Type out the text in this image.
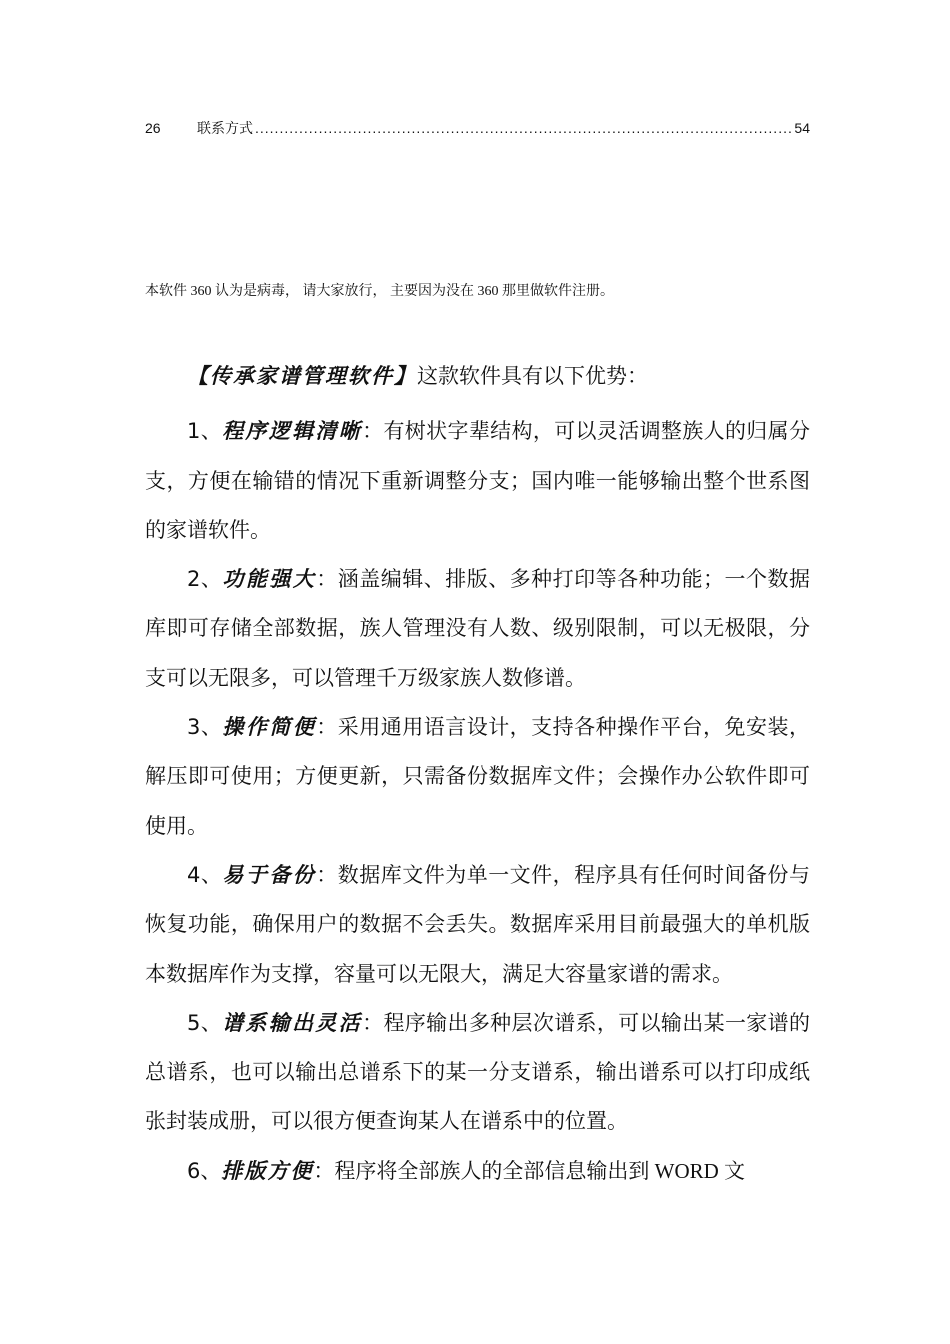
26	联系方式
.....	54
本软件 360 认为是病毒， 请大家放行， 主要因为没在 360 那里做软件注册。

【传承家谱管理软件】这款软件具有以下优势：

1、程序逻辑清晰：有树状字辈结构，可以灵活调整族人的归属分支，方便在输错的情况下重新调整分支；国内唯一能够输出整个世系图的家谱软件。

2、功能强大：涵盖编辑、排版、多种打印等各种功能；一个数据库即可存储全部数据，族人管理没有人数、级别限制，可以无极限，分支可以无限多，可以管理千万级家族人数修谱。

3、操作简便：采用通用语言设计，支持各种操作平台，免安装，解压即可使用；方便更新，只需备份数据库文件；会操作办公软件即可使用。

4、易于备份：数据库文件为单一文件，程序具有任何时间备份与恢复功能，确保用户的数据不会丢失。数据库采用目前最强大的单机版本数据库作为支撑，容量可以无限大，满足大容量家谱的需求。

5、谱系输出灵活：程序输出多种层次谱系，可以输出某一家谱的总谱系，也可以输出总谱系下的某一分支谱系，输出谱系可以打印成纸张封装成册，可以很方便查询某人在谱系中的位置。

6、排版方便：程序将全部族人的全部信息输出到 WORD 文
